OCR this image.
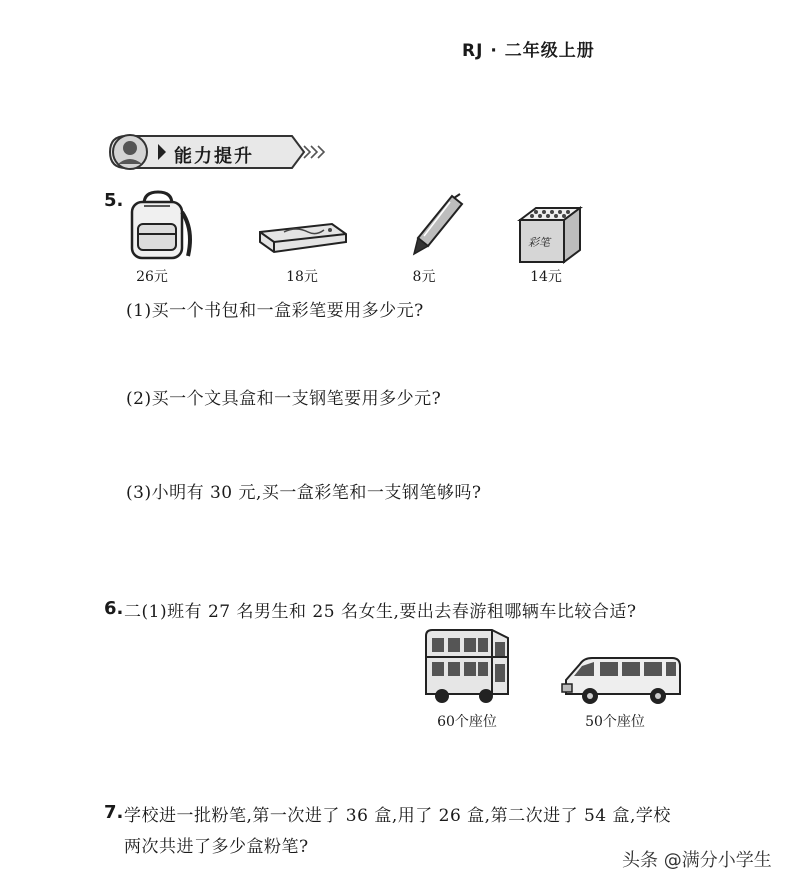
RJ · 二年级上册
能力提升
5.
26元	18元	8元
彩笔
14元
(1)买一个书包和一盒彩笔要用多少元?
(2)买一个文具盒和一支钢笔要用多少元?
(3)小明有 30 元,买一盒彩笔和一支钢笔够吗?
6. 二(1)班有 27 名男生和 25 名女生,要出去春游租哪辆车比较合适?
60个座位	50个座位
7. 学校进一批粉笔,第一次进了 36 盒,用了 26 盒,第二次进了 54 盒,学校
两次共进了多少盒粉笔?
头条 @满分小学生
